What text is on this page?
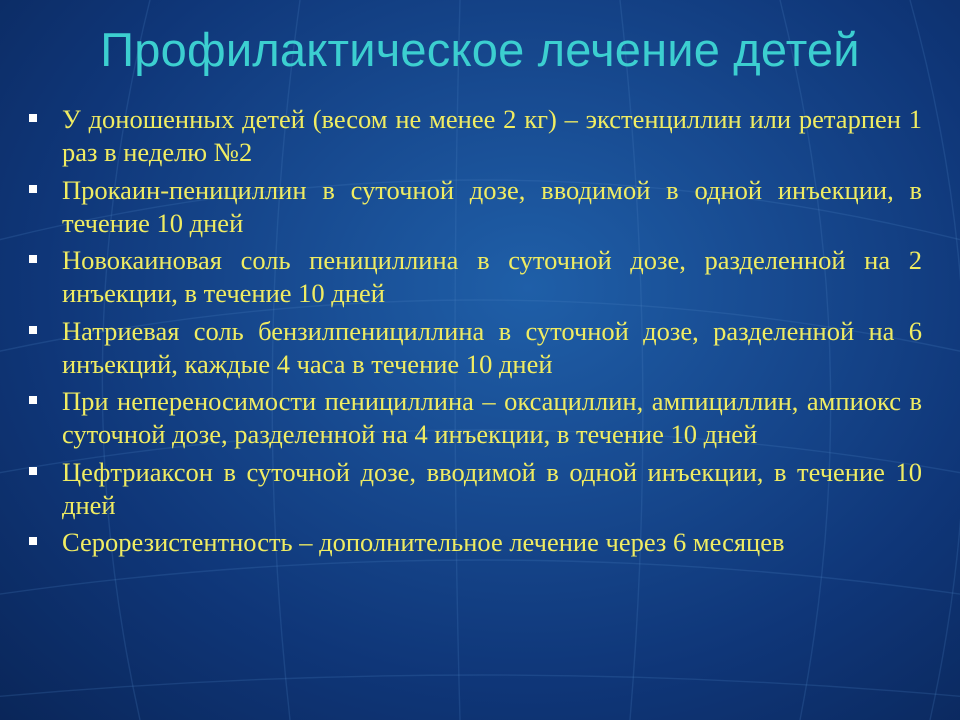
Профилактическое лечение детей
У доношенных детей (весом не менее 2 кг) – экстенциллин или ретарпен 1 раз в неделю №2
Прокаин-пенициллин в суточной дозе, вводимой в одной инъекции, в течение 10 дней
Новокаиновая соль пенициллина в суточной дозе, разделенной на 2 инъекции, в течение 10 дней
Натриевая соль бензилпенициллина в суточной дозе, разделенной на 6 инъекций, каждые 4 часа в течение 10 дней
При непереносимости пенициллина – оксациллин, ампициллин, ампиокс в суточной дозе, разделенной на 4 инъекции, в течение 10 дней
Цефтриаксон в суточной дозе, вводимой в одной инъекции, в течение 10 дней
Серорезистентность – дополнительное лечение через 6 месяцев
